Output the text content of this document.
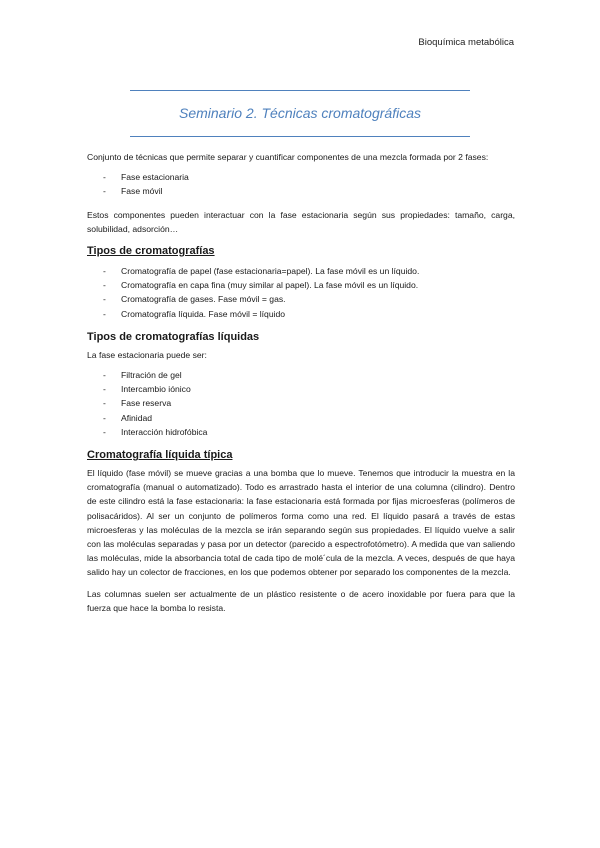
Bioquímica metabólica
Seminario 2. Técnicas cromatográficas

Conjunto de técnicas que permite separar y cuantificar componentes de una mezcla formada por 2 fases:

- Fase estacionaria
- Fase móvil

Estos componentes pueden interactuar con la fase estacionaria según sus propiedades: tamaño, carga, solubilidad, adsorción…

Tipos de cromatografías
- Cromatografía de papel (fase estacionaria=papel). La fase móvil es un líquido.
- Cromatografía en capa fina (muy similar al papel). La fase móvil es un líquido.
- Cromatografía de gases. Fase móvil = gas.
- Cromatografía líquida. Fase móvil = líquido
Tipos de cromatografías líquidas

La fase estacionaria puede ser:

- Filtración de gel
- Intercambio iónico
- Fase reserva
- Afinidad
- Interacción hidrofóbica
Cromatografía líquida típica

El líquido (fase móvil) se mueve gracias a una bomba que lo mueve. Tenemos que introducir la muestra en la cromatografía (manual o automatizado). Todo es arrastrado hasta el interior de una columna (cilindro). Dentro de este cilindro está la fase estacionaria: la fase estacionaria está formada por fijas microesferas (polímeros de polisacáridos). Al ser un conjunto de polímeros forma como una red. El líquido pasará a través de estas microesferas y las moléculas de la mezcla se irán separando según sus propiedades. El líquido vuelve a salir con las moléculas separadas y pasa por un detector (parecido a espectrofotómetro). A medida que van saliendo las moléculas, mide la absorbancia total de cada tipo de molé´cula de la mezcla. A veces, después de que haya salido hay un colector de fracciones, en los que podemos obtener por separado los componentes de la mezcla.

Las columnas suelen ser actualmente de un plástico resistente o de acero inoxidable por fuera para que la fuerza que hace la bomba lo resista.
